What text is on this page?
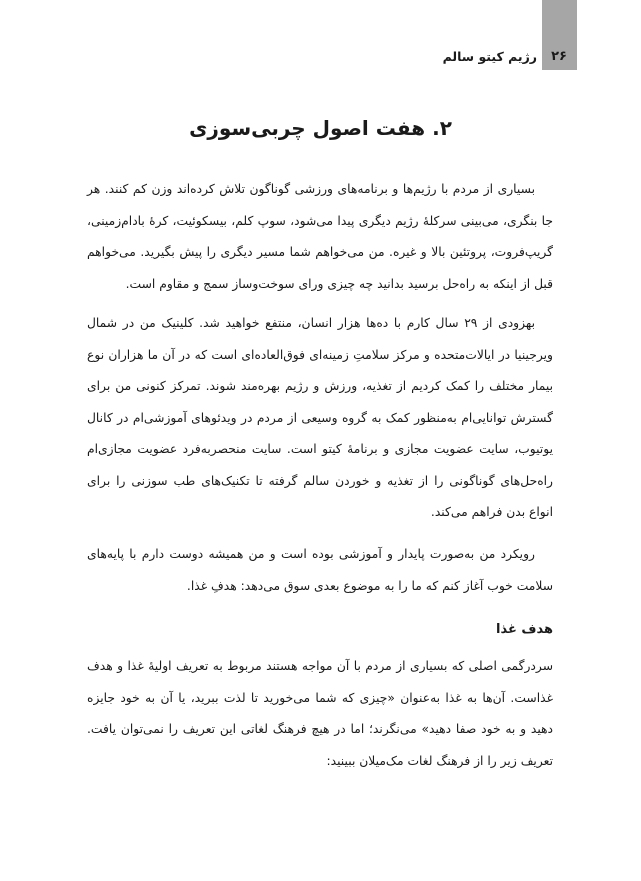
۲۶
رژیم کیتو سالم
۲. هفت اصول چربی‌سوزی

بسیاری از مردم با رژیم‌ها و برنامه‌های ورزشی گوناگون تلاش کرده‌اند وزن کم کنند. هر جا بنگری، می‌بینی سرکلهٔ رژیم دیگری پیدا می‌شود، سوپ کلم، بیسکوئیت، کرهٔ بادام‌زمینی، گریپ‌فروت، پروتئین بالا و غیره. من می‌خواهم شما مسیر دیگری را پیش بگیرید. می‌خواهم قبل از اینکه به راه‌حل برسید بدانید چه چیزی ورای سوخت‌وساز سمج و مقاوم است.

بهزودی از ۲۹ سال کارم با ده‌ها هزار انسان، منتفع خواهید شد. کلینیک من در شمال ویرجینیا در ایالات‌متحده و مرکز سلامتِ زمینه‌ای فوق‌العاده‌ای است که در آن ما هزاران نوع بیمار مختلف را کمک کردیم از تغذیه، ورزش و رژیم بهره‌مند شوند. تمرکز کنونی من برای گسترش توانایی‌ام به‌منظور کمک به گروه وسیعی از مردم در ویدئوهای آموزشی‌ام در کانال یوتیوب، سایت عضویت مجازی و برنامهٔ کیتو است. سایت منحصربه‌فرد عضویت مجازی‌ام راه‌حل‌های گوناگونی را از تغذیه و خوردن سالم گرفته تا تکنیک‌های طب سوزنی را برای انواع بدن فراهم می‌کند.

رویکرد من به‌صورت پایدار و آموزشی بوده است و من همیشه دوست دارم با پایه‌های سلامت خوب آغاز کنم که ما را به موضوع بعدی سوق می‌دهد: هدفِ غذا.

هدف غذا

سردرگمی اصلی که بسیاری از مردم با آن مواجه هستند مربوط به تعریف اولیهٔ غذا و هدف غذاست. آن‌ها به غذا به‌عنوان «چیزی که شما می‌خورید تا لذت ببرید، یا آن به خود جایزه دهید و به خود صفا دهید» می‌نگرند؛ اما در هیچ فرهنگ لغاتی این تعریف را نمی‌توان یافت. تعریف زیر را از فرهنگ لغات مک‌میلان ببینید:
